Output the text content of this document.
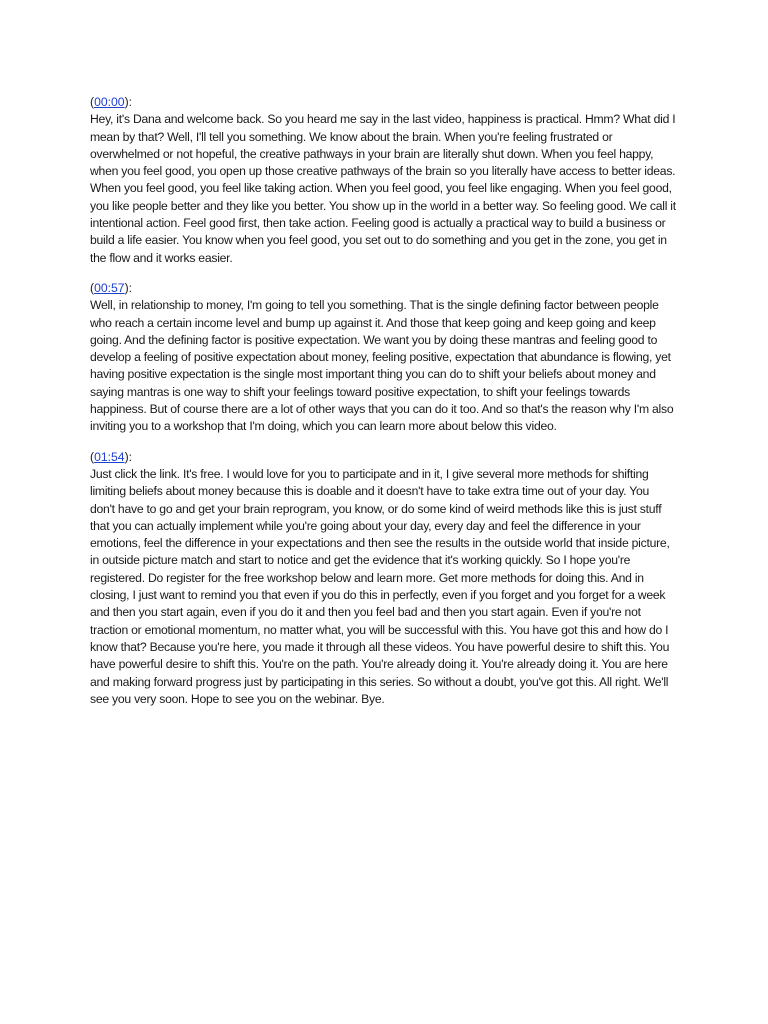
(00:00):

Hey, it's Dana and welcome back. So you heard me say in the last video, happiness is practical. Hmm? What did I mean by that? Well, I'll tell you something. We know about the brain. When you're feeling frustrated or overwhelmed or not hopeful, the creative pathways in your brain are literally shut down. When you feel happy, when you feel good, you open up those creative pathways of the brain so you literally have access to better ideas. When you feel good, you feel like taking action. When you feel good, you feel like engaging. When you feel good, you like people better and they like you better. You show up in the world in a better way. So feeling good. We call it intentional action. Feel good first, then take action. Feeling good is actually a practical way to build a business or build a life easier. You know when you feel good, you set out to do something and you get in the zone, you get in the flow and it works easier.

(00:57):

Well, in relationship to money, I'm going to tell you something. That is the single defining factor between people who reach a certain income level and bump up against it. And those that keep going and keep going and keep going. And the defining factor is positive expectation. We want you by doing these mantras and feeling good to develop a feeling of positive expectation about money, feeling positive, expectation that abundance is flowing, yet having positive expectation is the single most important thing you can do to shift your beliefs about money and saying mantras is one way to shift your feelings toward positive expectation, to shift your feelings towards happiness. But of course there are a lot of other ways that you can do it too. And so that's the reason why I'm also inviting you to a workshop that I'm doing, which you can learn more about below this video.

(01:54):

Just click the link. It's free. I would love for you to participate and in it, I give several more methods for shifting limiting beliefs about money because this is doable and it doesn't have to take extra time out of your day. You don't have to go and get your brain reprogram, you know, or do some kind of weird methods like this is just stuff that you can actually implement while you're going about your day, every day and feel the difference in your emotions, feel the difference in your expectations and then see the results in the outside world that inside picture, in outside picture match and start to notice and get the evidence that it's working quickly. So I hope you're registered. Do register for the free workshop below and learn more. Get more methods for doing this. And in closing, I just want to remind you that even if you do this in perfectly, even if you forget and you forget for a week and then you start again, even if you do it and then you feel bad and then you start again. Even if you're not traction or emotional momentum, no matter what, you will be successful with this. You have got this and how do I know that? Because you're here, you made it through all these videos. You have powerful desire to shift this. You have powerful desire to shift this. You're on the path. You're already doing it. You're already doing it. You are here and making forward progress just by participating in this series. So without a doubt, you've got this. All right. We'll see you very soon. Hope to see you on the webinar. Bye.
